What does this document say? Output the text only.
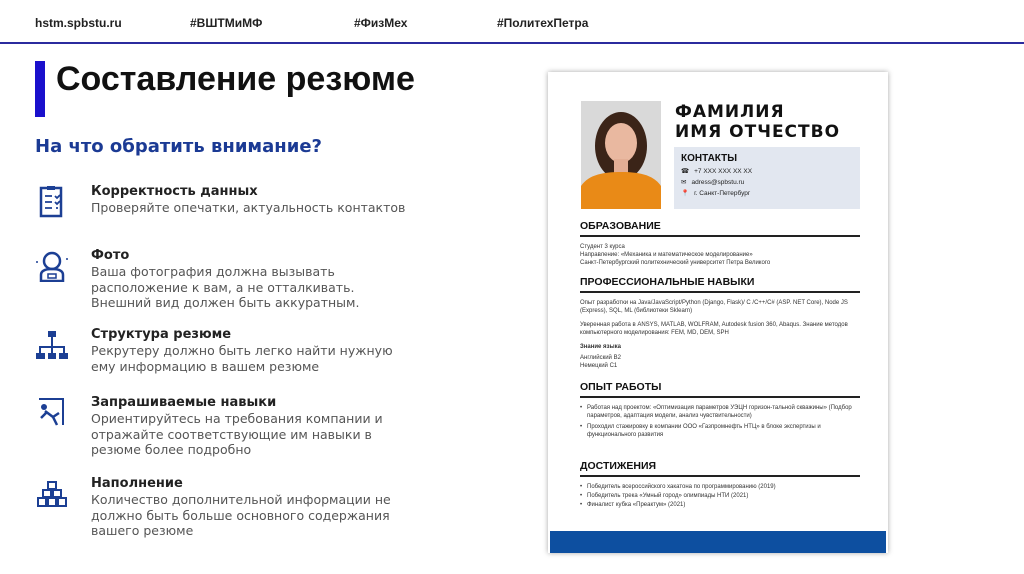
hstm.spbstu.ru	#ВШТМиМФ	#ФизМех	#ПолитехПетра
Составление резюме
На что обратить внимание?
Корректность данных
Проверяйте опечатки, актуальность контактов
Фото
Ваша фотография должна вызывать расположение к вам, а не отталкивать. Внешний вид должен быть аккуратным.
Структура резюме
Рекрутеру должно быть легко найти нужную ему информацию в вашем резюме
Запрашиваемые навыки
Ориентируйтесь на требования компании и отражайте соответствующие им навыки в резюме более подробно
Наполнение
Количество дополнительной информации не должно быть больше основного содержания вашего резюме
ФАМИЛИЯ
ИМЯ ОТЧЕСТВО
КОНТАКТЫ
☎ +7 XXX XXX XX XX
✉ adress@spbstu.ru
📍 г. Санкт-Петербург
ОБРАЗОВАНИЕ

Студент 3 курса

Направление: «Механика и математическое моделирование»

Санкт-Петербургский политехнический университет Петра Великого

ПРОФЕССИОНАЛЬНЫЕ НАВЫКИ

Опыт разработки на Java/JavaScript/Python (Django, Flask)/ C /C++/C# (ASP. NET Core), Node JS (Express), SQL, ML (библиотеки Sklearn)

Уверенная работа в ANSYS, MATLAB, WOLFRAM, Autodesk fusion 360, Abaqus. Знание методов компьютерного моделирования: FEM, MD, DEM, SPH

Знание языка

Английский В2

Немецкий С1

ОПЫТ РАБОТЫ
• Работая над проектом: «Оптимизация параметров УЭЦН горизон-тальной скважины» (Подбор параметров, адаптация модели, анализ чувствительности)
• Проходил стажировку в компании ООО «Газпромнефть НТЦ» в блоке экспертизы и функционального развития
ДОСТИЖЕНИЯ
• Победитель всероссийского хакатона по программированию (2019)
• Победитель трека «Умный город» олимпиады НТИ (2021)
• Финалист кубка «Преактум» (2021)
